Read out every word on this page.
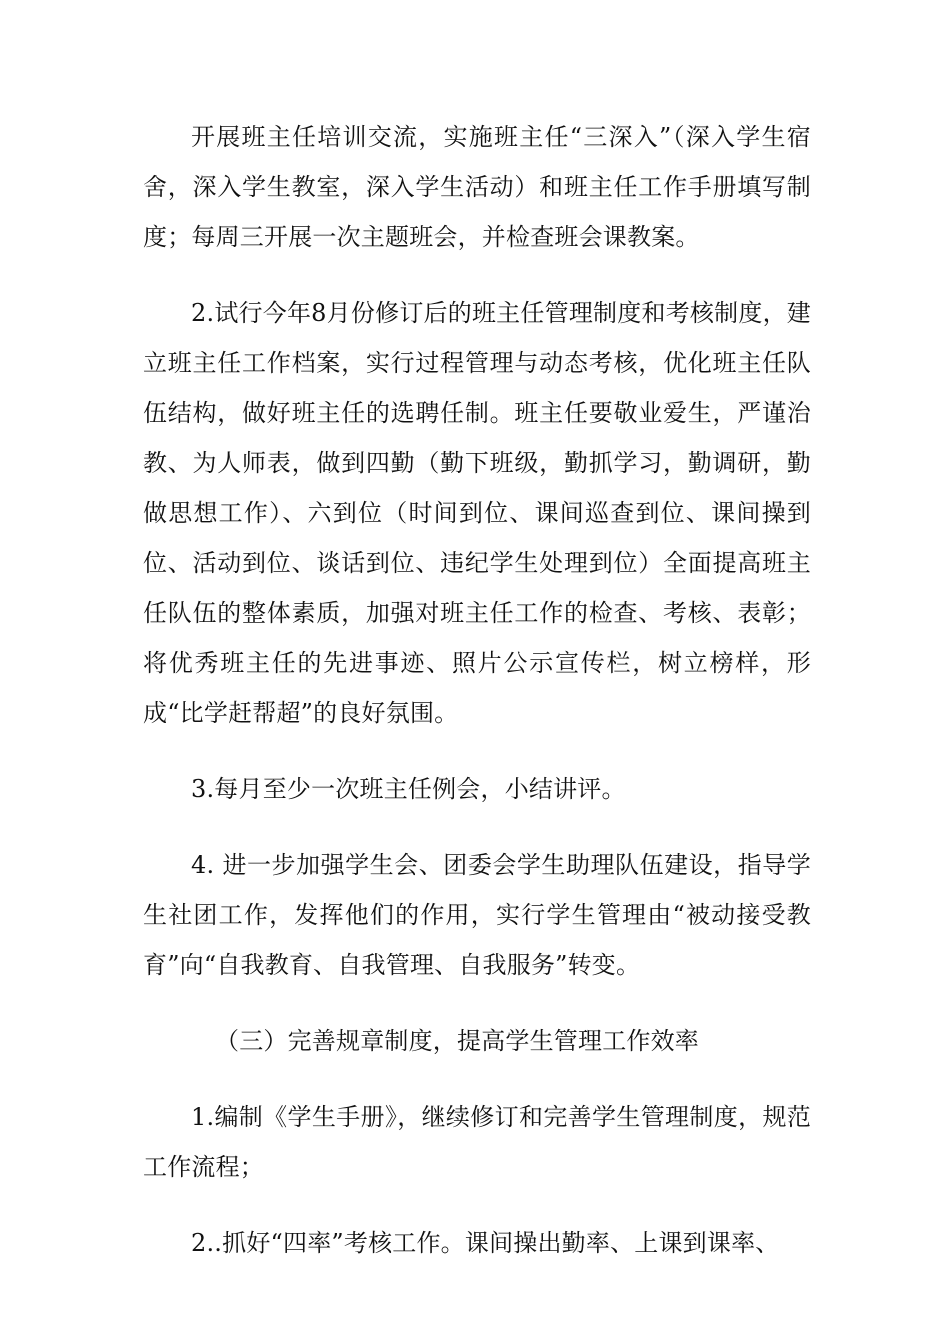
开展班主任培训交流，实施班主任“三深入”（深入学生宿舍，深入学生教室，深入学生活动）和班主任工作手册填写制度；每周三开展一次主题班会，并检查班会课教案。

2.试行今年8月份修订后的班主任管理制度和考核制度，建立班主任工作档案，实行过程管理与动态考核，优化班主任队伍结构，做好班主任的选聘任制。班主任要敬业爱生，严谨治教、为人师表，做到四勤（勤下班级，勤抓学习，勤调研，勤做思想工作）、六到位（时间到位、课间巡查到位、课间操到位、活动到位、谈话到位、违纪学生处理到位）全面提高班主任队伍的整体素质，加强对班主任工作的检查、考核、表彰；将优秀班主任的先进事迹、照片公示宣传栏，树立榜样，形成“比学赶帮超”的良好氛围。

3.每月至少一次班主任例会，小结讲评。

4. 进一步加强学生会、团委会学生助理队伍建设，指导学生社团工作，发挥他们的作用，实行学生管理由“被动接受教育”向“自我教育、自我管理、自我服务”转变。

（三）完善规章制度，提高学生管理工作效率

1.编制《学生手册》，继续修订和完善学生管理制度，规范工作流程；

2..抓好“四率”考核工作。课间操出勤率、上课到课率、
